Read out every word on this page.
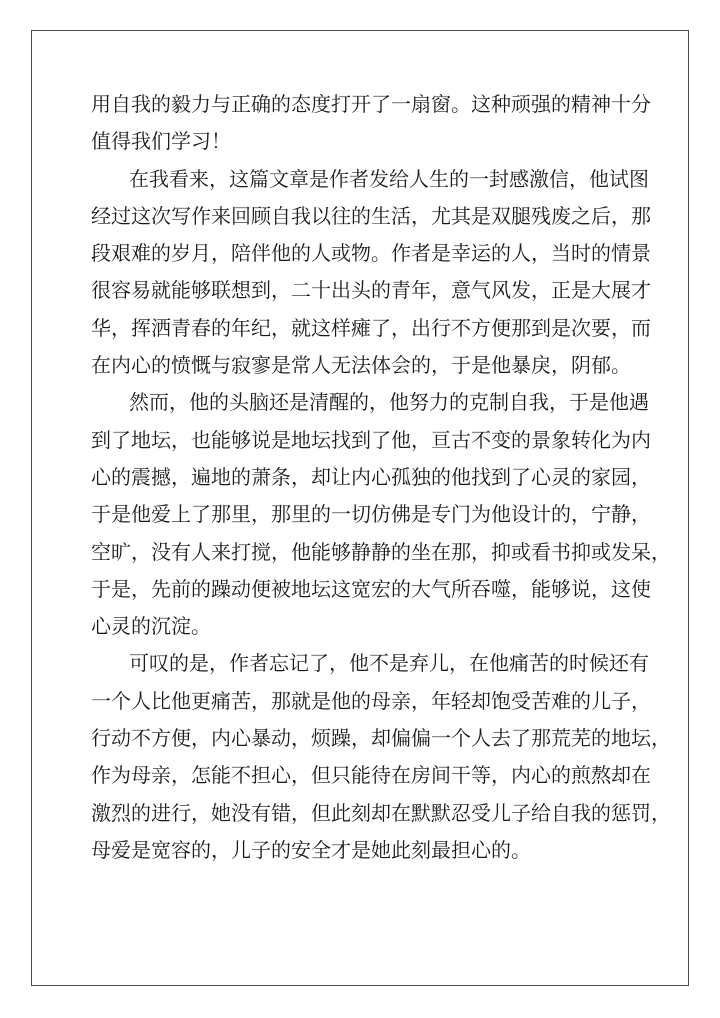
用自我的毅力与正确的态度打开了一扇窗。这种顽强的精神十分
值得我们学习！
在我看来，这篇文章是作者发给人生的一封感激信，他试图
经过这次写作来回顾自我以往的生活，尤其是双腿残废之后，那
段艰难的岁月，陪伴他的人或物。作者是幸运的人，当时的情景
很容易就能够联想到，二十出头的青年，意气风发，正是大展才
华，挥洒青春的年纪，就这样瘫了，出行不方便那到是次要，而
在内心的愤慨与寂寥是常人无法体会的，于是他暴戾，阴郁。
然而，他的头脑还是清醒的，他努力的克制自我，于是他遇
到了地坛，也能够说是地坛找到了他，亘古不变的景象转化为内
心的震撼，遍地的萧条，却让内心孤独的他找到了心灵的家园，
于是他爱上了那里，那里的一切仿佛是专门为他设计的，宁静，
空旷，没有人来打搅，他能够静静的坐在那，抑或看书抑或发呆，
于是，先前的躁动便被地坛这宽宏的大气所吞噬，能够说，这使
心灵的沉淀。
可叹的是，作者忘记了，他不是弃儿，在他痛苦的时候还有
一个人比他更痛苦，那就是他的母亲，年轻却饱受苦难的儿子，
行动不方便，内心暴动，烦躁，却偏偏一个人去了那荒芜的地坛，
作为母亲，怎能不担心，但只能待在房间干等，内心的煎熬却在
激烈的进行，她没有错，但此刻却在默默忍受儿子给自我的惩罚，
母爱是宽容的，儿子的安全才是她此刻最担心的。
